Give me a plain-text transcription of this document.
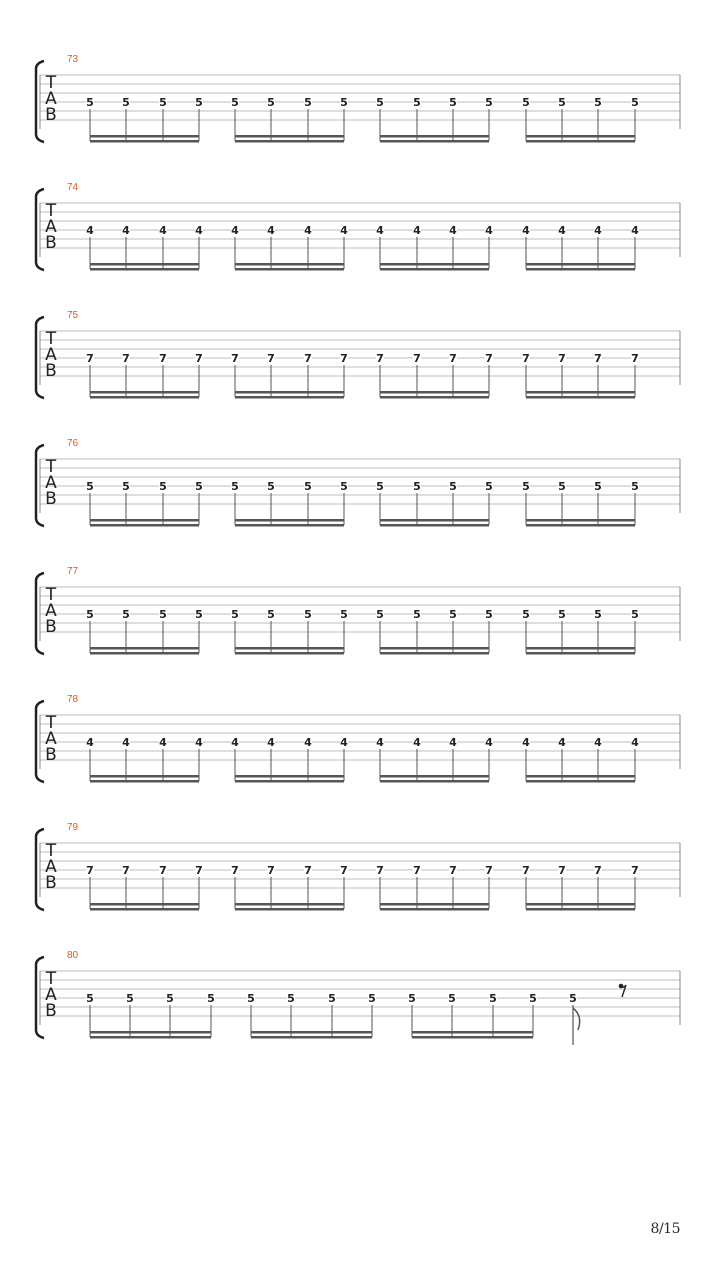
73
T
A
B
5	5	5	5	5	5	5	5	5	5	5	5	5	5	5	5
74
T
A
B
4	4	4	4	4	4	4	4	4	4	4	4	4	4	4	4
75
T
A
B
7	7	7	7	7	7	7	7	7	7	7	7	7	7	7	7
76
T
A
B
5	5	5	5	5	5	5	5	5	5	5	5	5	5	5	5
77
T
A
B
5	5	5	5	5	5	5	5	5	5	5	5	5	5	5	5
78
T
A
B
4	4	4	4	4	4	4	4	4	4	4	4	4	4	4	4
79
T
A
B
7	7	7	7	7	7	7	7	7	7	7	7	7	7	7	7
80
T
A
B
5	5	5	5	5	5	5	5	5	5	5	5	5
8/15
